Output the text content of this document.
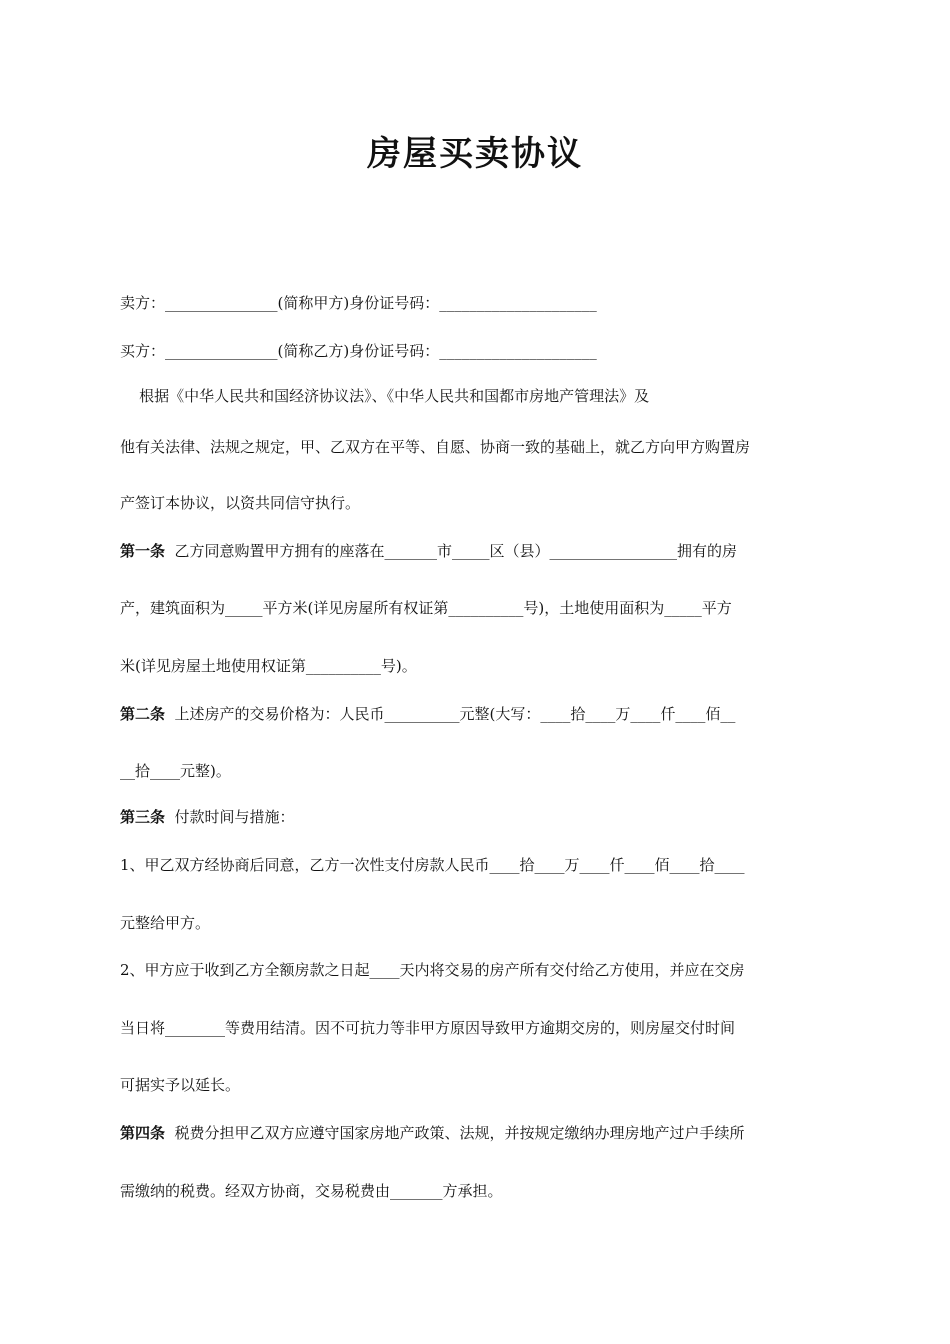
房屋买卖协议
卖方：_______________(简称甲方)身份证号码：_____________________
买方：_______________(简称乙方)身份证号码：_____________________
根据《中华人民共和国经济协议法》、《中华人民共和国都市房地产管理法》及
他有关法律、法规之规定，甲、乙双方在平等、自愿、协商一致的基础上，就乙方向甲方购置房
产签订本协议，以资共同信守执行。
第一条  乙方同意购置甲方拥有的座落在_______市_____区（县）_________________拥有的房
产，建筑面积为_____平方米(详见房屋所有权证第__________号)，土地使用面积为_____平方
米(详见房屋土地使用权证第__________号)。
第二条  上述房产的交易价格为：人民币__________元整(大写：____拾____万____仟____佰__
__拾____元整)。
第三条  付款时间与措施：
1、甲乙双方经协商后同意，乙方一次性支付房款人民币____拾____万____仟____佰____拾____
元整给甲方。
2、甲方应于收到乙方全额房款之日起____天内将交易的房产所有交付给乙方使用，并应在交房
当日将________等费用结清。因不可抗力等非甲方原因导致甲方逾期交房的，则房屋交付时间
可据实予以延长。
第四条  税费分担甲乙双方应遵守国家房地产政策、法规，并按规定缴纳办理房地产过户手续所
需缴纳的税费。经双方协商，交易税费由_______方承担。
